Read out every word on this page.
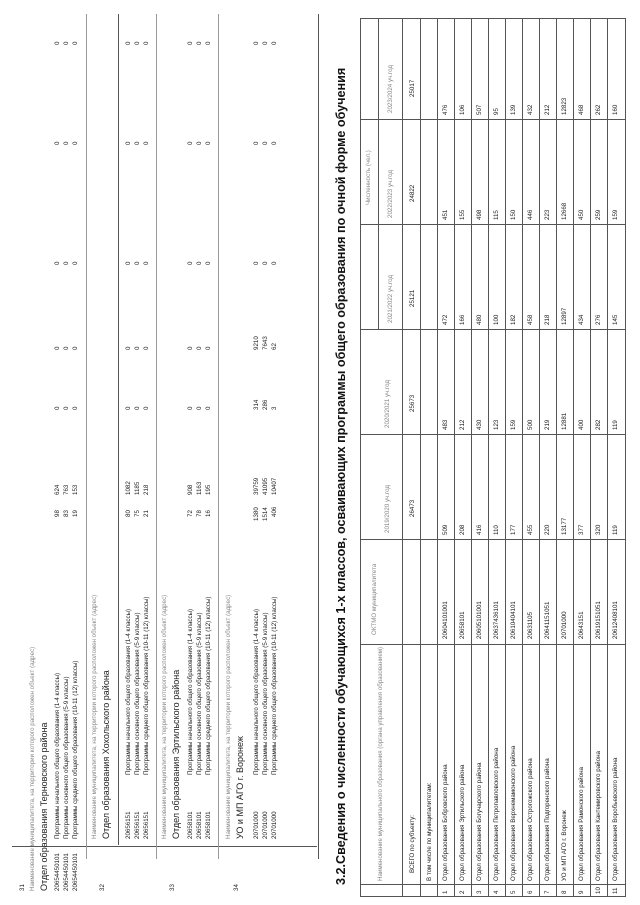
31 Наименование муниципалитета, на территории которого расположен объект (адрес) Отдел образования Терновского района 20654450101
Программы начального общего образования (1-4 классы)
98
624
0
0
0
0
0
20654450101
Программы основного общего образования (5-9 классы)
83
763
0
0
0
0
0
20654450101
Программы среднего общего образования (10-11 (12) классы)
19
153
0
0
0
0
0
32
Наименование муниципалитета, на территории которого расположен объект (адрес) Отдел образования Хохольского района 20656151
Программы начального общего образования (1-4 классы)
80
1082
0
0
0
0
0
20656151
Программы основного общего образования (5-9 классы)
75
1185
0
0
0
0
0
20656151
Программы среднего общего образования (10-11 (12) классы)
21
218
0
0
0
0
0
33
Наименование муниципалитета, на территории которого расположен объект (адрес) Отдел образования Эртильского района 20658101
Программы начального общего образования (1-4 классы)
72
908
0
0
0
0
0
20658101
Программы основного общего образования (5-9 классы)
78
1163
0
0
0
0
0
20658101
Программы среднего общего образования (10-11 (12) классы)
16
195
0
0
0
0
0
34
Наименование муниципалитета, на территории которого расположен объект (адрес) УО и МП АГО г. Воронеж 20701000
Программы начального общего образования (1-4 классы)
1380
39759
314
9210
0
0
0
20701000
Программы основного общего образования (5-9 классы)
1514
41095
286
7643
0
0
0
20701000
Программы среднего общего образования (10-11 (12) классы)
406
10407
3
62
0
0
0
3.2.Сведения о численности обучающихся 1-х классов, осваивающих программы общего образования по очной форме обучения	Наименование муниципального образования (органа управления образованием)
ОКТМО муниципалитета
2019/2020 уч.год
2020/2021 уч.год
Численность (чел.)
2021/2022 уч.год
2022/2023 уч.год
2023/2024 уч.год
ВСЕГО по субъекту:
26473
25673
25121
24822
25017
В том числе по муниципалитетам:
1
Отдел образования Бобровского района
20604101001
509
483
472
451
476
2
Отдел образования Эртильского района
20658101
208
212
166
155
106
3
Отдел образования Богучарского района
20605101001
416
430
480
498
507
4
Отдел образования Петропавловского района
20637436101
110
123
100
115
95
5
Отдел образования Верхнемамонского района
20610404101
177
159
182
150
139
6
Отдел образования Острогожского района
20631105
455
500
458
446
432
7
Отдел образования Подгоренского района
20641151051
220
219
218
223
212
8
УО и МП АГО г. Воронеж
20701000
13177
12881
12897
12668
12823
9
Отдел образования Рамонского района
20643151
377
400
434
450
468
10
Отдел образования Кантемировского района
20619151051
320
282
276
259
262
11
Отдел образования Воробьевского района
20612408101
119
119
145
159
160
